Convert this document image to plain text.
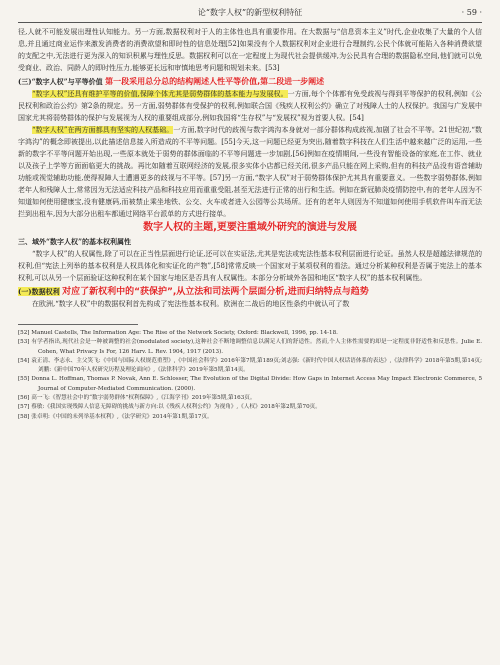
论“数字人权”的新型权利特征	· 59 ·

径,人就不可能发展出理性认知能力。另一方面,数据权利对于人的主体性也具有重要作用。在大数据与“信息资本主义”时代,企业收集了大量的个人信息,并且通过商业运作来激发消费者的消费欲望和即时性的信息处理[52]如果没有个人数据权利对企业进行合理制约,公民个体就可能陷入各种消费欲望的支配之中,无法进行更为深入的知识积累与理性反思。数据权利可以在一定程度上为现代社会提供缓冲,为公民具有合理的数据隐私空间,他们就可以免受商业、政治、同龄人的即时性压力,能够更长远和审慎地思考问题和规划未来。[53]

(三)“数字人权”与平等价值 第一段采用总分总的结构阐述人性平等价值,第二段进一步阐述

“数字人权”还具有维护平等的价值,保障个体尤其是弱势群体的基本能力与发展权。一方面,每个个体都有免受歧视与得到平等保护的权利,例如《公民权利和政治公约》第2条的规定。另一方面,弱势群体有受保护的权利,例如联合国《残疾人权利公约》确立了对残障人士的人权保护。我国与广发展中国家尤其将弱势群体的保护与发展视为人权的重要组成部分,例如我国将“生存权”与“发展权”视为首要人权。[54]

“数字人权”在两方面都具有坚实的人权基础。一方面,数字时代的歧视与数字鸿沟本身就对一部分群体构成歧视,加剧了社会不平等。21世纪初,“数字鸿沟”的概念即被提出,以此描述信息接入所造成的不平等问题。[55]今天,这一问题已经更为突出,随着数字科技在人们生活中越来越广泛的运用,一些新的数字不平等问题开始出现,一些原本就处于弱势的群体面临的不平等问题进一步加剧,[56]例如在疫情期间,一些没有智能设备的家庭,在工作、就业以及孩子上学等方面面临更大的挑战。再比如随着互联网经济的发展,很多实体小店都已经关闭,很多产品只能在网上采购,但有的科技产品没有语音辅助功能或视觉辅助功能,使得视障人士遭遇更多的歧视与不平等。[57]另一方面,“数字人权”对于弱势群体保护尤其具有重要意义。一些数字弱势群体,例如老年人和残障人士,常常因为无法适应科技产品和科技应用而重重受阻,甚至无法进行正常的出行和生活。例如在新冠肺炎疫情防控中,有的老年人因为不知道如何使用健康宝,没有健康码,而被禁止乘坐地铁、公交、火车或者进入公园等公共场所。还有的老年人则因为不知道如何使用手机软件叫车而无法拦到出租车,因为大部分出租车都通过网络平台派单的方式进行接单。

数字人权的主题,更要注重域外研究的演进与发展

三、域外“数字人权”的基本权利属性

“数字人权”的人权属性,除了可以在正当性层面进行论证,还可以在实证法,尤其是宪法或宪法性基本权利层面进行论证。虽然人权是超越法律规范的权利,但“宪法上列举的基本权利是人权具体化和实证化的产物”,[58]常常反映一个国家对于某项权利的看法。通过分析某种权利是否属于宪法上的基本权利,可以从另一个层面验证这种权利在某个国家与地区是否具有人权属性。本部分分析域外各国和地区“数字人权”的基本权利属性。

(一)数据权利 对应了新权利中的“获保护”,从立法和司法两个层面分析,进而归纳特点与趋势

在欧洲,“数字人权”中的数据权利首先构成了宪法性基本权利。欧洲在二战后的地区性条约中就认可了数

[52] Manuel Castells, The Information Age: The Rise of the Network Society, Oxford: Blackwell, 1996, pp. 14-18.

[53] 有学者指出,现代社会是一种被调整的社会(modulated society),这种社会不断地调整信息以满足人们的舒适性。然而,个人主体性需要的却是一定程度非舒适性和反思性。Julie E. Cohen, What Privacy Is For, 126 Harv. L. Rev. 1904, 1917 (2013).

[54] 袁正清、李志永、主父笑飞:《中国与国际人权规范重塑》,《中国社会科学》2016年第7期,第189页;刘志强:《新时代中国人权话语体系的表达》,《法律科学》2018年第5期,第14页;刘鹏:《新中国70年人权研究历程及理论面向》,《法律科学》2019年第5期,第14页。

[55] Donna L. Hoffman, Thomas P. Novak, Ann E. Schlosser, The Evolution of the Digital Divide: How Gaps in Internet Access May Impact Electronic Commerce, 5 Journal of Computer-Mediated Communication. (2000).

[56] 高一飞:《智慧社会中的“数字弱势群体”权利保障》,《江海学刊》2019年第5期,第163页。

[57] 蔡敏:《我国实现残障人信息无障碍的挑战与新方向:以《残疾人权利公约》为视角》,《人权》2018年第2期,第70页。

[58] 张卓明:《中国的未列举基本权利》,《法学研究》2014年第1期,第17页。
